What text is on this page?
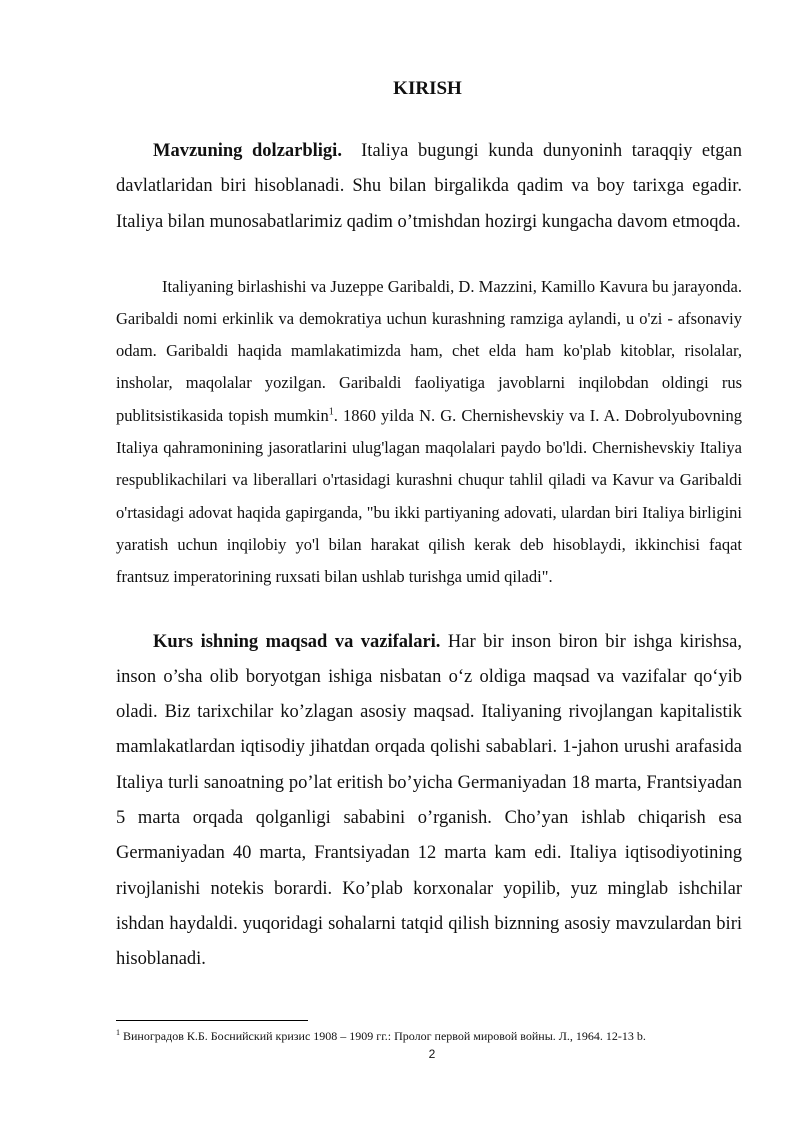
KIRISH

Mavzuning dolzarbligi. Italiya bugungi kunda dunyoninh taraqqiy etgan davlatlaridan biri hisoblanadi. Shu bilan birgalikda qadim va boy tarixga egadir. Italiya bilan munosabatlarimiz qadim o’tmishdan hozirgi kungacha davom etmoqda.

Italiyaning birlashishi va Juzeppe Garibaldi, D. Mazzini, Kamillo Kavura bu jarayonda. Garibaldi nomi erkinlik va demokratiya uchun kurashning ramziga aylandi, u o'zi - afsonaviy odam. Garibaldi haqida mamlakatimizda ham, chet elda ham ko'plab kitoblar, risolalar, insholar, maqolalar yozilgan. Garibaldi faoliyatiga javoblarni inqilobdan oldingi rus publitsistikasida topish mumkin$^1$. 1860 yilda N. G. Chernishevskiy va I. A. Dobrolyubovning Italiya qahramonining jasoratlarini ulug'lagan maqolalari paydo bo'ldi. Chernishevskiy Italiya respublikachilari va liberallari o'rtasidagi kurashni chuqur tahlil qiladi va Kavur va Garibaldi o'rtasidagi adovat haqida gapirganda, "bu ikki partiyaning adovati, ulardan biri Italiya birligini yaratish uchun inqilobiy yo'l bilan harakat qilish kerak deb hisoblaydi, ikkinchisi faqat frantsuz imperatorining ruxsati bilan ushlab turishga umid qiladi".

Kurs ishning maqsad va vazifalari. Har bir inson biron bir ishga kirishsa, inson o’sha olib boryotgan ishiga nisbatan o‘z oldiga maqsad va vazifalar qo‘yib oladi. Biz tarixchilar ko’zlagan asosiy maqsad. Italiyaning rivojlangan kapitalistik mamlakatlardan iqtisodiy jihatdan orqada qolishi sabablari. 1-jahon urushi arafasida Italiya turli sanoatning po’lat eritish bo’yicha Germaniyadan 18 marta, Frantsiyadan 5 marta orqada qolganligi sababini o’rganish. Cho’yan ishlab chiqarish esa Germaniyadan 40 marta, Frantsiyadan 12 marta kam edi. Italiya iqtisodiyotining rivojlanishi notekis borardi. Ko’plab korxonalar yopilib, yuz minglab ishchilar ishdan haydaldi. yuqoridagi sohalarni tatqid qilish biznning asosiy mavzulardan biri hisoblanadi.

$^1$ Виноградов К.Б. Боснийский кризис 1908 – 1909 гг.: Пролог первой мировой войны. Л., 1964. 12-13 b.
2
